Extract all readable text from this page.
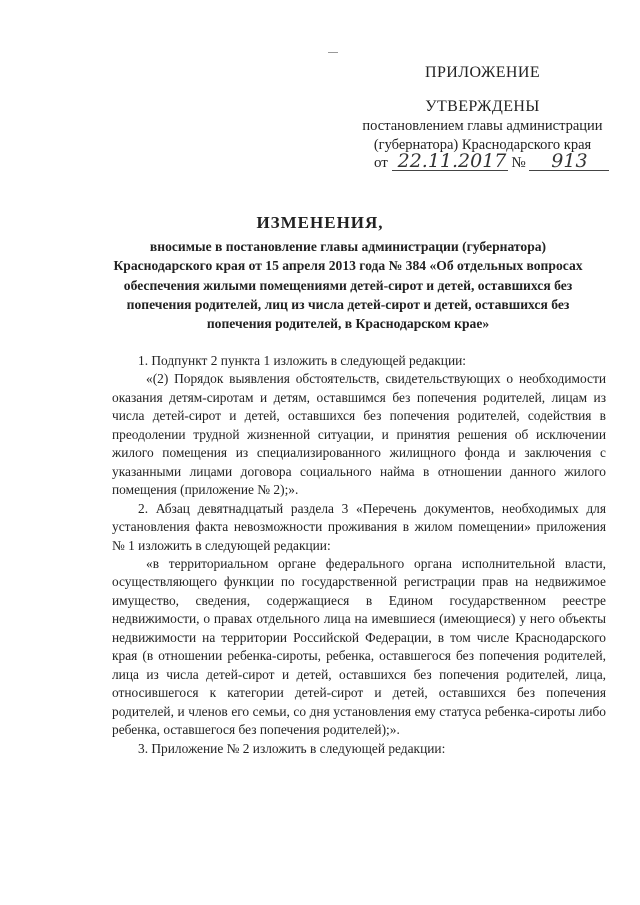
ПРИЛОЖЕНИЕ
УТВЕРЖДЕНЫ
постановлением главы администрации
(губернатора) Краснодарского края
от 22.11.2017 № 913
ИЗМЕНЕНИЯ,
вносимые в постановление главы администрации (губернатора) Краснодарского края от 15 апреля 2013 года № 384 «Об отдельных вопросах обеспечения жилыми помещениями детей-сирот и детей, оставшихся без попечения родителей, лиц из числа детей-сирот и детей, оставшихся без попечения родителей, в Краснодарском крае»

1. Подпункт 2 пункта 1 изложить в следующей редакции:

«(2) Порядок выявления обстоятельств, свидетельствующих о необходимости оказания детям-сиротам и детям, оставшимся без попечения родителей, лицам из числа детей-сирот и детей, оставшихся без попечения родителей, содействия в преодолении трудной жизненной ситуации, и принятия решения об исключении жилого помещения из специализированного жилищного фонда и заключения с указанными лицами договора социального найма в отношении данного жилого помещения (приложение № 2);».

2. Абзац девятнадцатый раздела 3 «Перечень документов, необходимых для установления факта невозможности проживания в жилом помещении» приложения № 1 изложить в следующей редакции:

«в территориальном органе федерального органа исполнительной власти, осуществляющего функции по государственной регистрации прав на недвижимое имущество, сведения, содержащиеся в Едином государственном реестре недвижимости, о правах отдельного лица на имевшиеся (имеющиеся) у него объекты недвижимости на территории Российской Федерации, в том числе Краснодарского края (в отношении ребенка-сироты, ребенка, оставшегося без попечения родителей, лица из числа детей-сирот и детей, оставшихся без попечения родителей, лица, относившегося к категории детей-сирот и детей, оставшихся без попечения родителей, и членов его семьи, со дня установления ему статуса ребенка-сироты либо ребенка, оставшегося без попечения родителей);».

3. Приложение № 2 изложить в следующей редакции:
